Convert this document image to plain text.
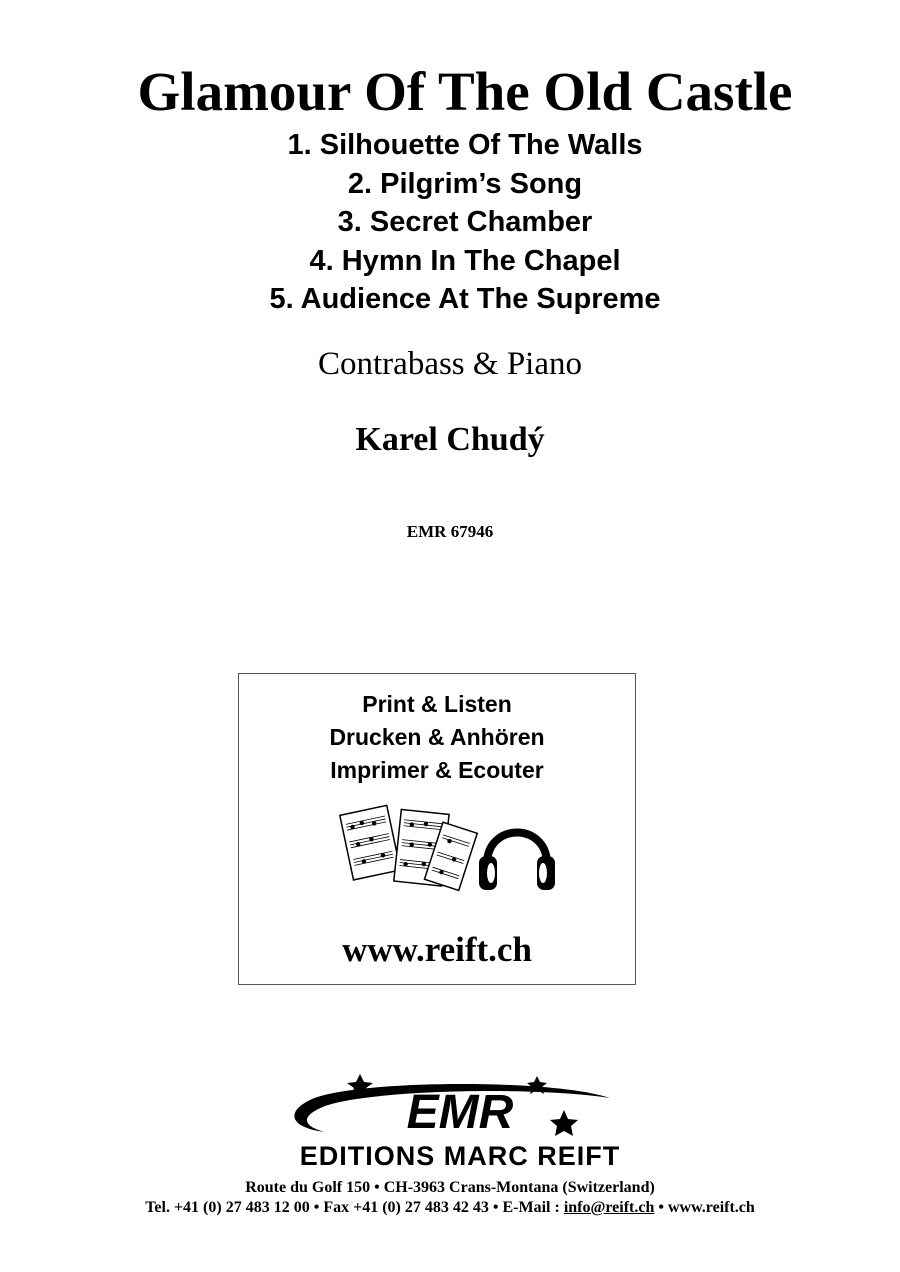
Glamour Of The Old Castle
1. Silhouette Of The Walls
2. Pilgrim’s Song
3. Secret Chamber
4. Hymn In The Chapel
5. Audience At The Supreme
Contrabass & Piano
Karel Chudý
EMR 67946
Print & Listen
Drucken & Anhören
Imprimer & Ecouter
www.reift.ch
EMR
EDITIONS MARC REIFT
Route du Golf 150 • CH-3963 Crans-Montana (Switzerland)
Tel. +41 (0) 27 483 12 00 • Fax +41 (0) 27 483 42 43 • E-Mail : info@reift.ch • www.reift.ch
